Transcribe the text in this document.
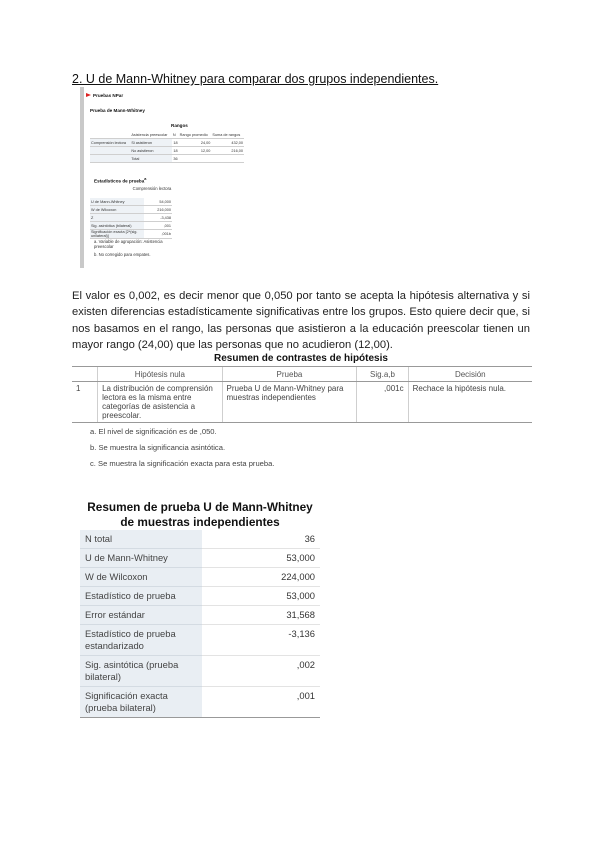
2. U de Mann-Whitney para comparar dos grupos independientes.
Pruebas NPar
Prueba de Mann-Whitney
Rangos
	Asistencia preescolar	N	Rango promedio	Suma de rangos
Comprensión lectora	Si asistieron	18	24,00	432,00
	No asistieron	18	12,00	216,00
	Total	36		
Estadísticos de prueba$^a$
Comprensión lectora
U de Mann-Whitney	54,000
W de Wilcoxon	216,000
Z	-3,438
Sig. asintótica (bilateral)	,001
Significación exacta [2*(sig. unilateral)]	,001b
a. Variable de agrupación: Asistencia preescolar
b. No corregido para empates.
El valor es 0,002, es decir menor que 0,050 por tanto se acepta la hipótesis alternativa y si existen diferencias estadísticamente significativas entre los grupos. Esto quiere decir que, si nos basamos en el rango, las personas que asistieron a la educación preescolar tienen un mayor rango (24,00) que las personas que no acudieron (12,00).
Resumen de contrastes de hipótesis
	Hipótesis nula	Prueba	Sig.a,b	Decisión
1	La distribución de comprensión lectora es la misma entre categorías de asistencia a preescolar.	Prueba U de Mann-Whitney para muestras independientes	,001c	Rechace la hipótesis nula.
a. El nivel de significación es de ,050.
b. Se muestra la significancia asintótica.
c. Se muestra la significación exacta para esta prueba.
Resumen de prueba U de Mann-Whitney
de muestras independientes
N total	36
U de Mann-Whitney	53,000
W de Wilcoxon	224,000
Estadístico de prueba	53,000
Error estándar	31,568
Estadístico de prueba estandarizado	-3,136
Sig. asintótica (prueba bilateral)	,002
Significación exacta (prueba bilateral)	,001
